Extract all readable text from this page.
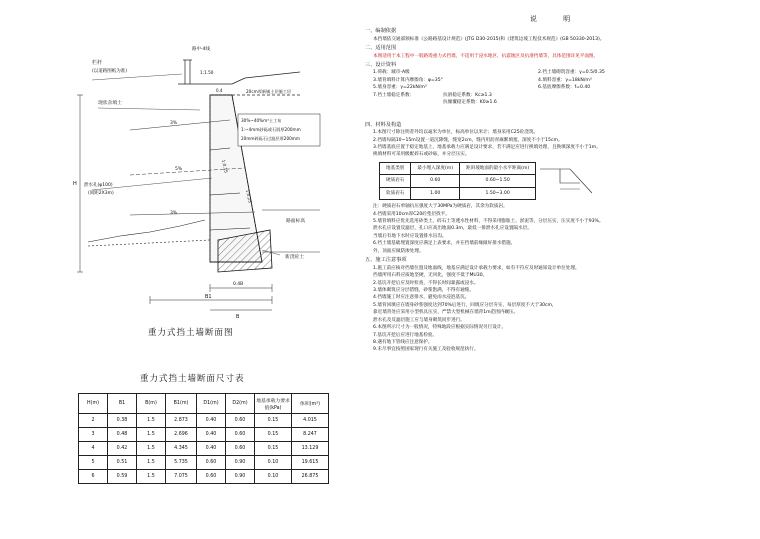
30%~40%m³土工布
1:~4mm砂砾或石屑厚200mm
20mm碎砾石过滤层厚200mm
栏杆
(以道路图纸为准)
路中-4线
20cm厚新铺土层施工层
1:1.50
现状杂填土
泄水孔(φ100)
(间距2X3m)
H
3%
3%
5%
路面标高
新浇砼土
1:0.15
1:0.25
0.4B
B1
B
0.4
重力式挡土墙断面图
重力式挡土墙断面尺寸表
H(m)	B1	B(m)	B1(m)	D1(m)	D2(m)	地基承载力要求值(kPa)	体积(m³)
2	0.38	1.5	2.873	0.40	0.60	0.15	4.015
3	0.48	1.5	2.696	0.40	0.60	0.15	8.247
4	0.42	1.5	4.345	0.40	0.60	0.15	13.129
5	0.51	1.5	5.735	0.60	0.90	0.10	19.615
6	0.59	1.5	7.075	0.60	0.90	0.10	26.875
说 明
一、编制依据
本挡墙依交通部颁标准《公路路基设计规范》(JTG D30-2015)和《建筑边坡工程技术规范》(GB 50330-2013)。
二、适用范围
本图适用于本工程中一般路堤重力式挡墙，不适用于浸水地区、抗震地区及抗滑挡墙等，具体范围详见平面图。
三、设计资料
1.荷载：城市-A级	2.挡土墙砌筑容重：γ=0.5/0.35
3.墙背填料计算内摩擦角：φ=35°	4.填料容重：γ=18kN/m³
5.墙身容重：γ=22kN/m³	6.基底摩擦系数：f=0.40
7.挡土墙稳定系数：	抗滑稳定系数：Kc≥1.3
抗倾覆稳定系数：K0≥1.6
四、材料及构造
1.本图尺寸除注明者外均以毫米为单位，标高单位以米计；墙身采用C25砼浇筑。
2.挡墙每隔10~15m设置一道沉降缝，缝宽2cm，缝内用沥青麻絮填塞，深度不小于15cm。
3.挡墙基底应置于稳定地基上，地基承载力应满足设计要求，若不满足应进行换填处理，且换填深度不小于1m。
换填材料可采用级配碎石或砂砾，并分层压实。
地基类别	最小埋入深度(m)	距斜坡地面的最小水平距离(m)
硬质岩石	0.60	0.60~1.50
软质岩石	1.00	1.50~3.00
注：硬质岩石单轴抗压强度大于30MPa为硬质岩，其余为软质岩。
4.挡墙采用10cm厚C20砼垫层找平。
5.墙背填料应优先选用砂类土、碎石土等透水性材料，不得采用膨胀土、淤泥等，分层压实，压实度不小于93%。
泄水孔应设置反滤层，孔口应高出地面0.3m，最低一排泄水孔应设置隔水层。
当墙后有地下水时应设置排水盲沟。
6.挡土墙基础埋置深度应满足上表要求，并在挡墙前缘做好排水措施。
外，顶面应做防渗处理。
五、施工注意事项
1.施工前应核对挡墙位置及地面线，地基应满足设计承载力要求，如有不符应及时通知设计单位处理。
挡墙所用石料应质地坚硬，无风化，强度不低于MU30。
2.基坑开挖后应及时检查，不得长时间暴露或浸水。
3.墙体砌筑应分层错缝，砂浆饱满，不得有通缝。
4.挡墙施工时应注意排水，避免雨水浸泡基坑。
5.墙背回填应在墙身砂浆强度达到70%后进行，回填应分层夯实，每层厚度不大于30cm，
靠近墙背处应采用小型机具压实，严禁大型机械在墙背1m范围内碾压。
泄水孔及反滤层施工应与墙身砌筑同步进行。
6.本图所示尺寸为一般情况，特殊地段应根据实际情况另行设计。
7.基坑开挖后应进行地基检验。
8.遇有地下管线应注意保护。
9.未尽事宜按照国家现行有关施工及验收规范执行。
